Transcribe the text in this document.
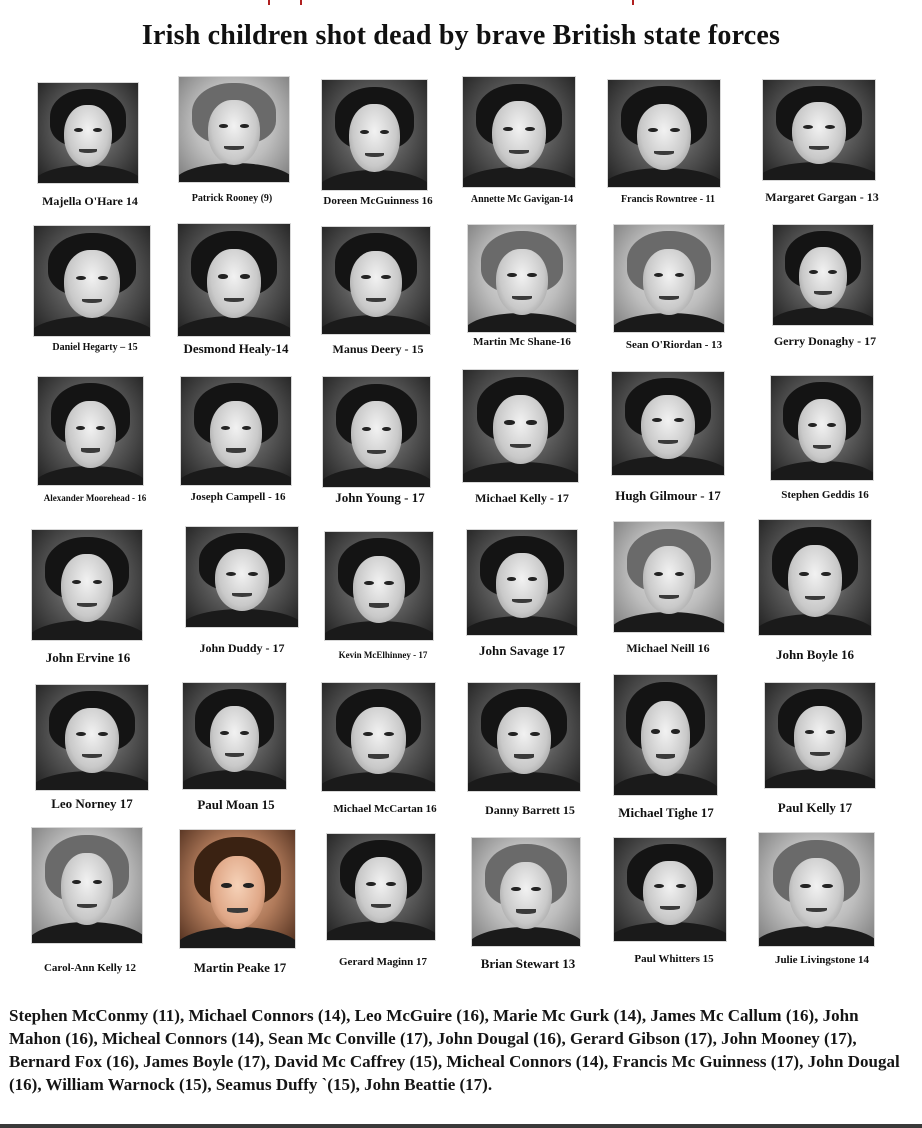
Irish children shot dead by brave British state forces
Majella O'Hare 14	Patrick Rooney (9)	Doreen McGuinness 16	Annette Mc Gavigan-14	Francis Rowntree - 11	Margaret Gargan - 13
Daniel Hegarty – 15	Desmond Healy-14	Manus Deery - 15	Martin Mc Shane-16	Sean O'Riordan - 13	Gerry Donaghy - 17
Alexander Moorehead - 16	Joseph Campell - 16	John Young - 17	Michael Kelly - 17	Hugh Gilmour - 17	Stephen Geddis 16
John Ervine 16
John Duddy - 17	Kevin McElhinney - 17	John Savage 17	Michael Neill 16	John Boyle 16
Leo Norney 17	Paul Moan 15	Michael McCartan 16	Danny Barrett 15	Michael Tighe 17	Paul Kelly 17
Carol-Ann Kelly 12	Martin Peake 17	Gerard Maginn 17	Brian Stewart 13	Paul Whitters 15	Julie Livingstone 14
Stephen McConmy (11), Michael Connors (14), Leo McGuire (16), Marie Mc Gurk (14), James Mc Callum (16), John Mahon (16), Micheal Connors (14), Sean Mc Conville (17), John Dougal (16), Gerard Gibson (17), John Mooney (17), Bernard Fox (16), James Boyle (17), David Mc Caffrey (15), Micheal Connors (14), Francis Mc Guinness (17), John Dougal (16), William Warnock (15), Seamus Duffy `(15), John Beattie (17).
